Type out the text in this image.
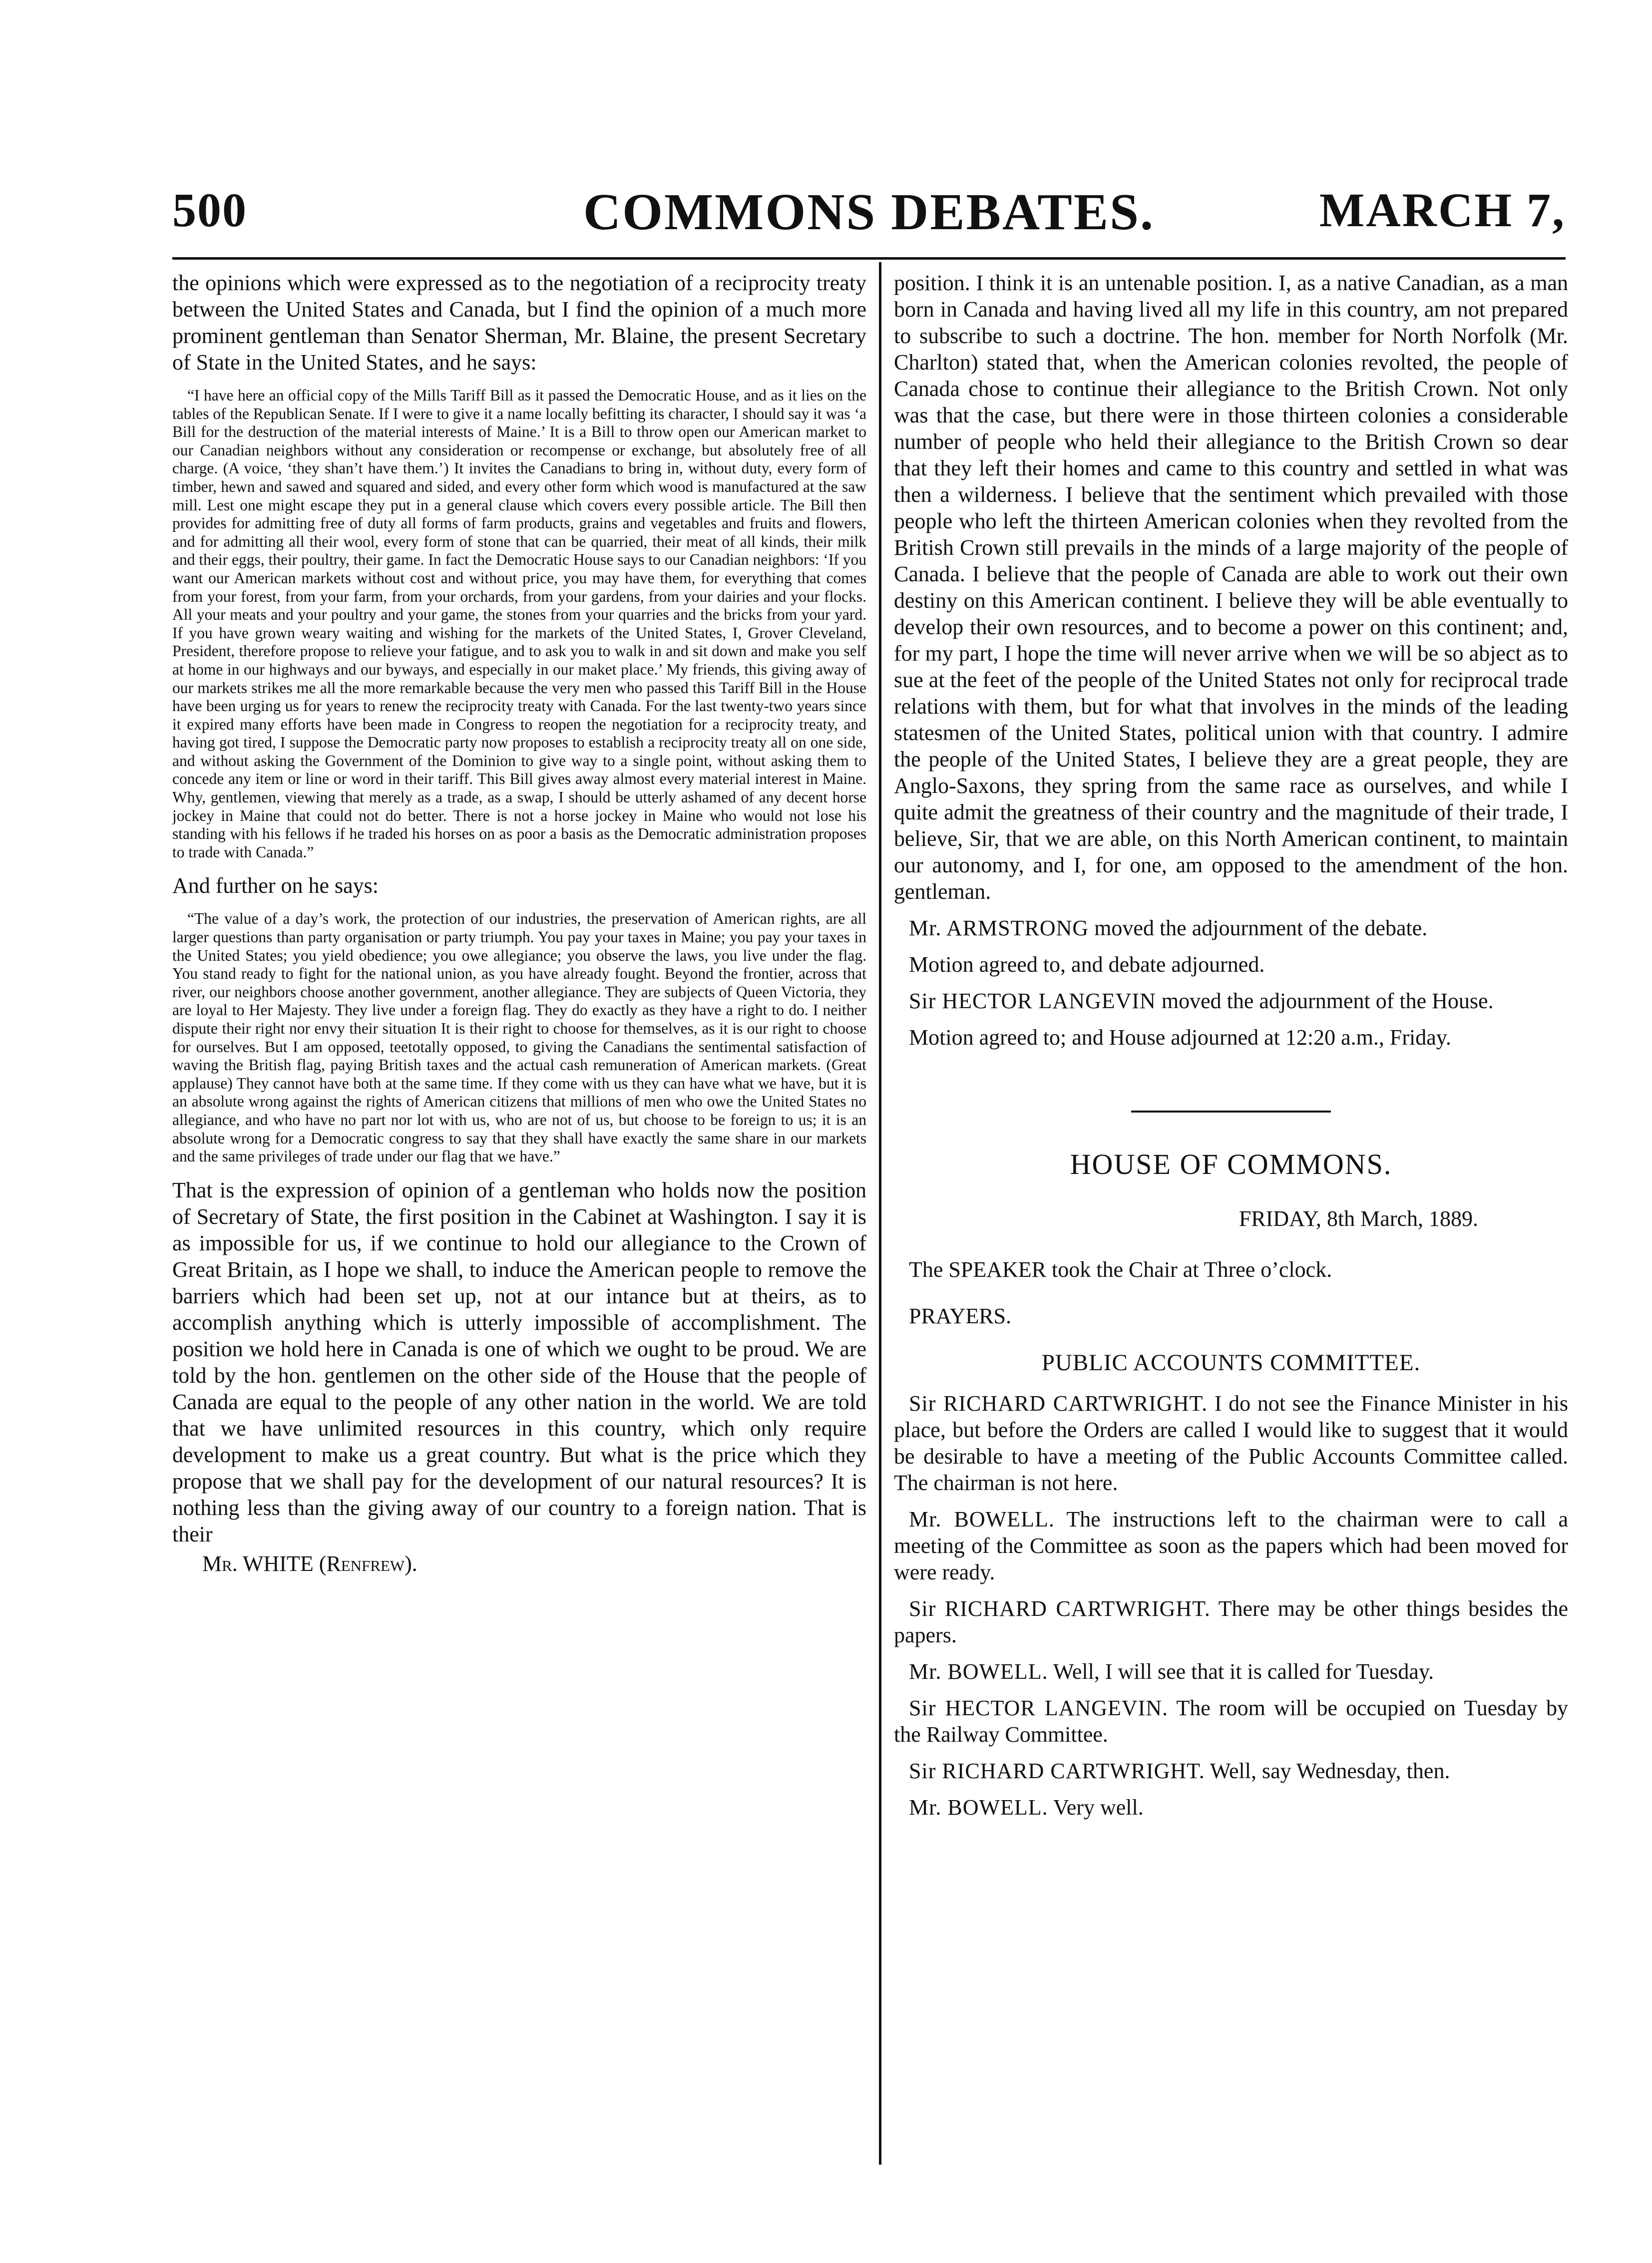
500	COMMONS DEBATES.	MARCH 7,

the opinions which were expressed as to the negotiation of a reciprocity treaty between the United States and Canada, but I find the opinion of a much more prominent gentleman than Senator Sherman, Mr. Blaine, the present Secretary of State in the United States, and he says:

“I have here an official copy of the Mills Tariff Bill as it passed the Democratic House, and as it lies on the tables of the Republican Senate. If I were to give it a name locally befitting its character, I should say it was ‘a Bill for the destruction of the material interests of Maine.’ It is a Bill to throw open our American market to our Canadian neighbors without any consideration or recompense or exchange, but absolutely free of all charge. (A voice, ‘they shan’t have them.’) It invites the Canadians to bring in, without duty, every form of timber, hewn and sawed and squared and sided, and every other form which wood is manufactured at the saw mill. Lest one might escape they put in a general clause which covers every possible article. The Bill then provides for admitting free of duty all forms of farm products, grains and vegetables and fruits and flowers, and for admitting all their wool, every form of stone that can be quarried, their meat of all kinds, their milk and their eggs, their poultry, their game. In fact the Democratic House says to our Canadian neighbors: ‘If you want our American markets without cost and without price, you may have them, for everything that comes from your forest, from your farm, from your orchards, from your gardens, from your dairies and your flocks. All your meats and your poultry and your game, the stones from your quarries and the bricks from your yard. If you have grown weary waiting and wishing for the markets of the United States, I, Grover Cleveland, President, therefore propose to relieve your fatigue, and to ask you to walk in and sit down and make you self at home in our highways and our byways, and especially in our maket place.’ My friends, this giving away of our markets strikes me all the more remarkable because the very men who passed this Tariff Bill in the House have been urging us for years to renew the reciprocity treaty with Canada. For the last twenty-two years since it expired many efforts have been made in Congress to reopen the negotiation for a reciprocity treaty, and having got tired, I suppose the Democratic party now proposes to establish a reciprocity treaty all on one side, and without asking the Government of the Dominion to give way to a single point, without asking them to concede any item or line or word in their tariff. This Bill gives away almost every material interest in Maine. Why, gentlemen, viewing that merely as a trade, as a swap, I should be utterly ashamed of any decent horse jockey in Maine that could not do better. There is not a horse jockey in Maine who would not lose his standing with his fellows if he traded his horses on as poor a basis as the Democratic administration proposes to trade with Canada.”

And further on he says:

“The value of a day’s work, the protection of our industries, the preservation of American rights, are all larger questions than party organisation or party triumph. You pay your taxes in Maine; you pay your taxes in the United States; you yield obedience; you owe allegiance; you observe the laws, you live under the flag. You stand ready to fight for the national union, as you have already fought. Beyond the frontier, across that river, our neighbors choose another government, another allegiance. They are subjects of Queen Victoria, they are loyal to Her Majesty. They live under a foreign flag. They do exactly as they have a right to do. I neither dispute their right nor envy their situation It is their right to choose for themselves, as it is our right to choose for ourselves. But I am opposed, teetotally opposed, to giving the Canadians the sentimental satisfaction of waving the British flag, paying British taxes and the actual cash remuneration of American markets. (Great applause) They cannot have both at the same time. If they come with us they can have what we have, but it is an absolute wrong against the rights of American citizens that millions of men who owe the United States no allegiance, and who have no part nor lot with us, who are not of us, but choose to be foreign to us; it is an absolute wrong for a Democratic congress to say that they shall have exactly the same share in our markets and the same privileges of trade under our flag that we have.”

That is the expression of opinion of a gentleman who holds now the position of Secretary of State, the first position in the Cabinet at Washington. I say it is as impossible for us, if we continue to hold our allegiance to the Crown of Great Britain, as I hope we shall, to induce the American people to remove the barriers which had been set up, not at our intance but at theirs, as to accomplish anything which is utterly impossible of accomplishment. The position we hold here in Canada is one of which we ought to be proud. We are told by the hon. gentlemen on the other side of the House that the people of Canada are equal to the people of any other nation in the world. We are told that we have unlimited resources in this country, which only require development to make us a great country. But what is the price which they propose that we shall pay for the development of our natural resources? It is nothing less than the giving away of our country to a foreign nation. That is their

Mr. WHITE (Renfrew).

position. I think it is an untenable position. I, as a native Canadian, as a man born in Canada and having lived all my life in this country, am not prepared to subscribe to such a doctrine. The hon. member for North Norfolk (Mr. Charlton) stated that, when the American colonies revolted, the people of Canada chose to continue their allegiance to the British Crown. Not only was that the case, but there were in those thirteen colonies a considerable number of people who held their allegiance to the British Crown so dear that they left their homes and came to this country and settled in what was then a wilderness. I believe that the sentiment which prevailed with those people who left the thirteen American colonies when they revolted from the British Crown still prevails in the minds of a large majority of the people of Canada. I believe that the people of Canada are able to work out their own destiny on this American continent. I believe they will be able eventually to develop their own resources, and to become a power on this continent; and, for my part, I hope the time will never arrive when we will be so abject as to sue at the feet of the people of the United States not only for reciprocal trade relations with them, but for what that involves in the minds of the leading statesmen of the United States, political union with that country. I admire the people of the United States, I believe they are a great people, they are Anglo-Saxons, they spring from the same race as ourselves, and while I quite admit the greatness of their country and the magnitude of their trade, I believe, Sir, that we are able, on this North American continent, to maintain our autonomy, and I, for one, am opposed to the amendment of the hon. gentleman.

Mr. ARMSTRONG moved the adjournment of the debate.

Motion agreed to, and debate adjourned.

Sir HECTOR LANGEVIN moved the adjournment of the House.

Motion agreed to; and House adjourned at 12:20 a.m., Friday.

HOUSE OF COMMONS.
FRIDAY, 8th March, 1889.

The SPEAKER took the Chair at Three o’clock.

PRAYERS.

PUBLIC ACCOUNTS COMMITTEE.

Sir RICHARD CARTWRIGHT. I do not see the Finance Minister in his place, but before the Orders are called I would like to suggest that it would be desirable to have a meeting of the Public Accounts Committee called. The chairman is not here.

Mr. BOWELL. The instructions left to the chairman were to call a meeting of the Committee as soon as the papers which had been moved for were ready.

Sir RICHARD CARTWRIGHT. There may be other things besides the papers.

Mr. BOWELL. Well, I will see that it is called for Tuesday.

Sir HECTOR LANGEVIN. The room will be occupied on Tuesday by the Railway Committee.

Sir RICHARD CARTWRIGHT. Well, say Wednesday, then.

Mr. BOWELL. Very well.
